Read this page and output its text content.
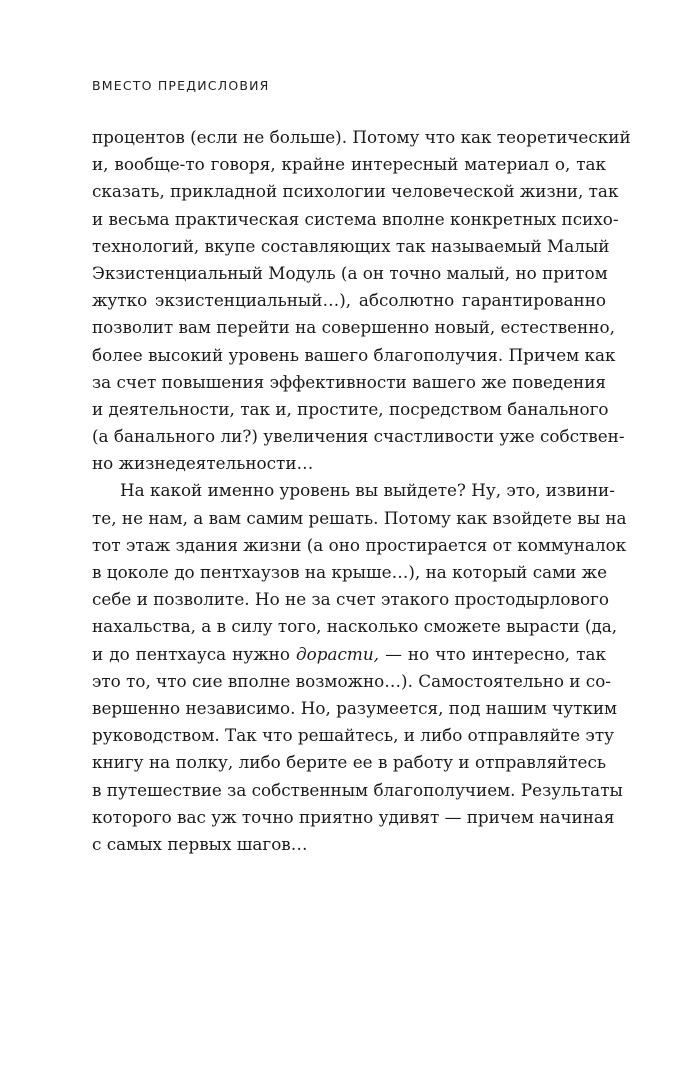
ВМЕСТО ПРЕДИСЛОВИЯ
процентов (если не больше). Потому что как теоретический
и, вообще-то говоря, крайне интересный материал о, так
сказать, прикладной психологии человеческой жизни, так
и весьма практическая система вполне конкретных психо-
технологий, вкупе составляющих так называемый Малый
Экзистенциальный Модуль (а он точно малый, но притом
жутко экзистенциальный…), абсолютно гарантированно
позволит вам перейти на совершенно новый, естественно,
более высокий уровень вашего благополучия. Причем как
за счет повышения эффективности вашего же поведения
и деятельности, так и, простите, посредством банального
(а банального ли?) увеличения счастливости уже собствен-
но жизнедеятельности…
На какой именно уровень вы выйдете? Ну, это, извини-
те, не нам, а вам самим решать. Потому как взойдете вы на
тот этаж здания жизни (а оно простирается от коммуналок
в цоколе до пентхаузов на крыше…), на который сами же
себе и позволите. Но не за счет этакого простодырлового
нахальства, а в силу того, насколько сможете вырасти (да,
и до пентхауса нужно дорасти, — но что интересно, так
это то, что сие вполне возможно…). Самостоятельно и со-
вершенно независимо. Но, разумеется, под нашим чутким
руководством. Так что решайтесь, и либо отправляйте эту
книгу на полку, либо берите ее в работу и отправляйтесь
в путешествие за собственным благополучием. Результаты
которого вас уж точно приятно удивят — причем начиная
с самых первых шагов…
